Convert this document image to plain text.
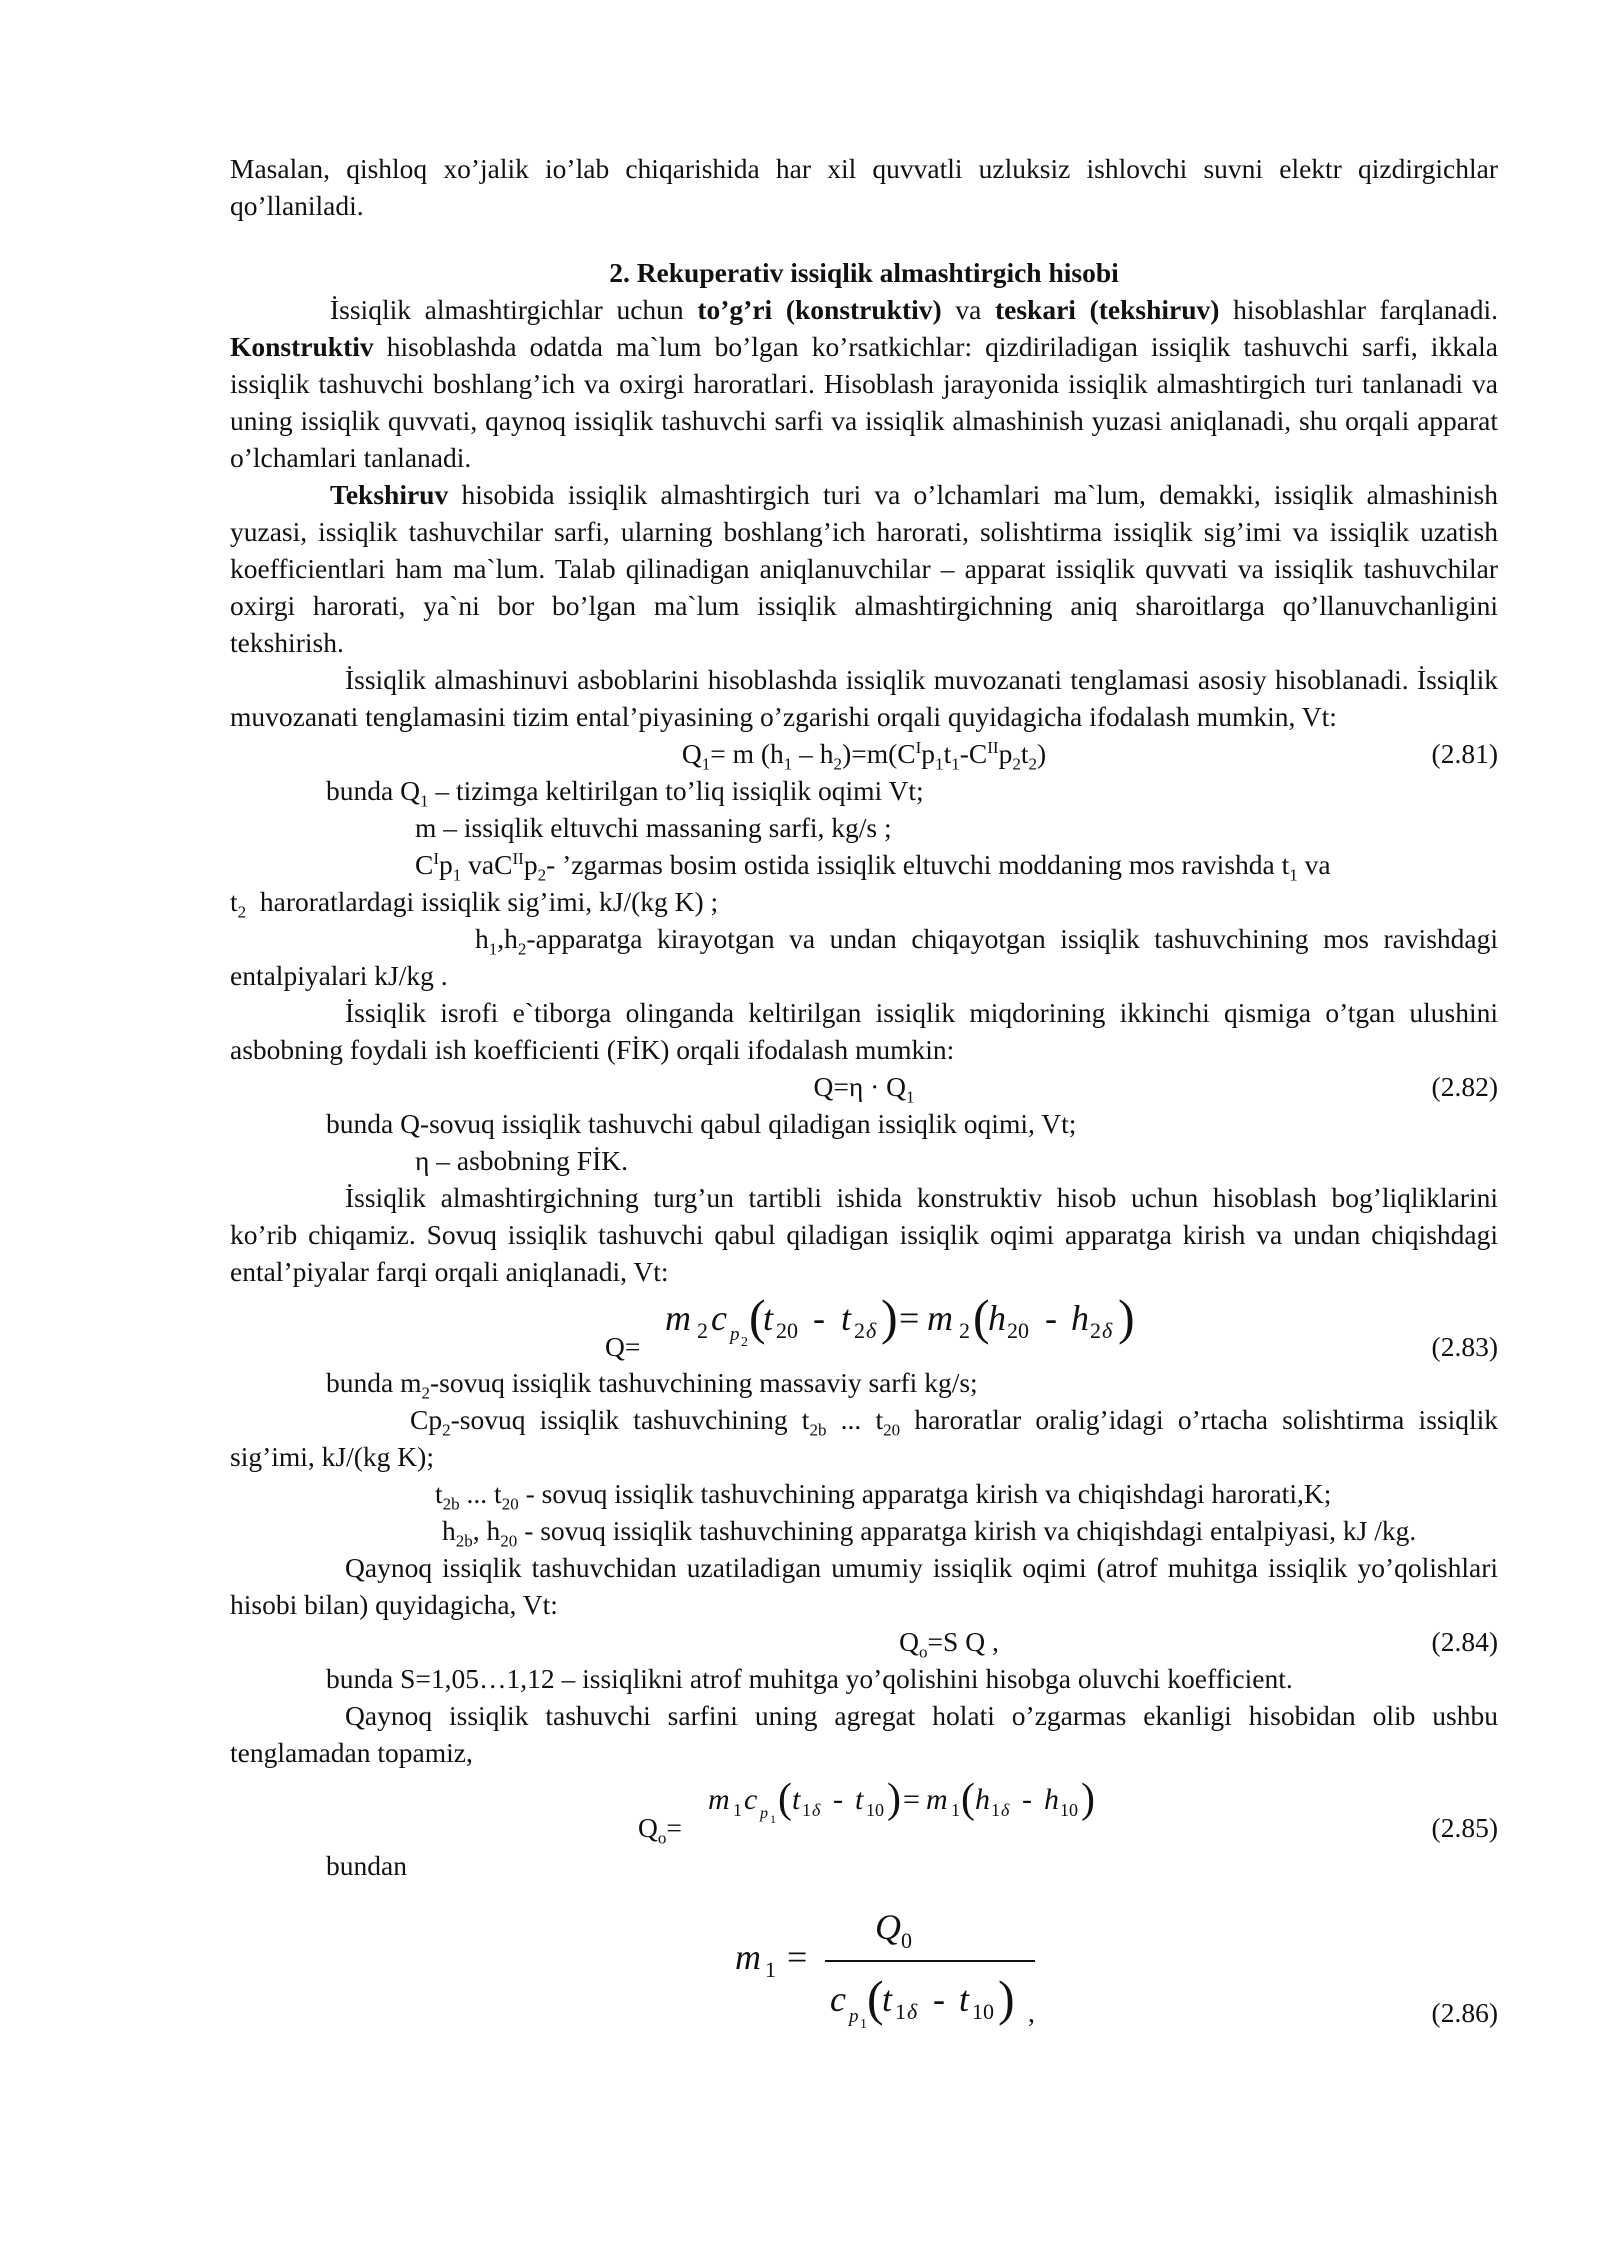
Masalan, qishloq xo’jalik io’lab chiqarishida har xil quvvatli uzluksiz ishlovchi suvni elektr qizdirgichlar qo’llaniladi.

2. Rekuperativ issiqlik almashtirgich hisobi

İssiqlik almashtirgichlar uchun to’g’ri (konstruktiv) va teskari (tekshiruv) hisoblashlar farqlanadi. Konstruktiv hisoblashda odatda ma`lum bo’lgan ko’rsatkichlar: qizdiriladigan issiqlik tashuvchi sarfi, ikkala issiqlik tashuvchi boshlang’ich va oxirgi haroratlari. Hisoblash jarayonida issiqlik almashtirgich turi tanlanadi va uning issiqlik quvvati, qaynoq issiqlik tashuvchi sarfi va issiqlik almashinish yuzasi aniqlanadi, shu orqali apparat o’lchamlari tanlanadi.

Tekshiruv hisobida issiqlik almashtirgich turi va o’lchamlari ma`lum, demakki, issiqlik almashinish yuzasi, issiqlik tashuvchilar sarfi, ularning boshlang’ich harorati, solishtirma issiqlik sig’imi va issiqlik uzatish koefficientlari ham ma`lum. Talab qilinadigan aniqlanuvchilar – apparat issiqlik quvvati va issiqlik tashuvchilar oxirgi harorati, ya`ni bor bo’lgan ma`lum issiqlik almashtirgichning aniq sharoitlarga qo’llanuvchanligini tekshirish.

İssiqlik almashinuvi asboblarini hisoblashda issiqlik muvozanati tenglamasi asosiy hisoblanadi. İssiqlik muvozanati tenglamasini tizim ental’piyasining o’zgarishi orqali quyidagicha ifodalash mumkin, Vt:

$Q_1= m$ $(h_1 - h_2)=m(C^Ip_1t_1-C^{II}p_2t_2)$	(2.81)

bunda $Q_1$ – tizimga keltirilgan to’liq issiqlik oqimi Vt;

m – issiqlik eltuvchi massaning sarfi, kg/s ;

$C^Ip_1$ $vaC^{II}p_2-$ ’zgarmas bosim ostida issiqlik eltuvchi moddaning mos ravishda $t_1$ va
$t_2$ haroratlardagi issiqlik sig’imi, kJ/(kg K) ;

$h_1,h_2$-apparatga kirayotgan va undan chiqayotgan issiqlik tashuvchining mos ravishdagi entalpiyalari kJ/kg .

İssiqlik isrofi e`tiborga olinganda keltirilgan issiqlik miqdorining ikkinchi qismiga o’tgan ulushini asbobning foydali ish koefficienti (FİK) orqali ifodalash mumkin:

$Q=\eta \cdot Q_1$	(2.82)

bunda Q-sovuq issiqlik tashuvchi qabul qiladigan issiqlik oqimi, Vt;

η – asbobning FİK.

İssiqlik almashtirgichning turg’un tartibli ishida konstruktiv hisob uchun hisoblash bog’liqliklarini ko’rib chiqamiz. Sovuq issiqlik tashuvchi qabul qiladigan issiqlik oqimi apparatga kirish va undan chiqishdagi ental’piyalar farqi orqali aniqlanadi, Vt:

Q=
m 2 c p 2 (
t 20 - t 2 δ ) = m 2 (
h 20 - h 2 δ )
(2.83)

bunda $m_2$-sovuq issiqlik tashuvchining massaviy sarfi kg/s;

$Cp_2$-sovuq issiqlik tashuvchining $t_{2b}$ ... $t_{20}$ haroratlar oralig’idagi o’rtacha solishtirma issiqlik sig’imi, kJ/(kg K);

$t_{2b}$ ... $t_{20}$ - sovuq issiqlik tashuvchining apparatga kirish va chiqishdagi harorati,K;

$h_{2b}$, $h_{20}$ - sovuq issiqlik tashuvchining apparatga kirish va chiqishdagi entalpiyasi, kJ /kg.

Qaynoq issiqlik tashuvchidan uzatiladigan umumiy issiqlik oqimi (atrof muhitga issiqlik yo’qolishlari hisobi bilan) quyidagicha, Vt:

$Q_o=S$ Q ,	(2.84)

bunda S=1,05…1,12 – issiqlikni atrof muhitga yo’qolishini hisobga oluvchi koefficient.

Qaynoq issiqlik tashuvchi sarfini uning agregat holati o’zgarmas ekanligi hisobidan olib ushbu tenglamadan topamiz,

$Q_o=$
m 1 c p 1 ( t 1 δ - t 10 ) = m 1 ( h 1 δ - h 10 )
(2.85)

bundan

m 1 =
Q 0
c p 1 (
t 1 δ - t 10 ) ,	(2.86)
